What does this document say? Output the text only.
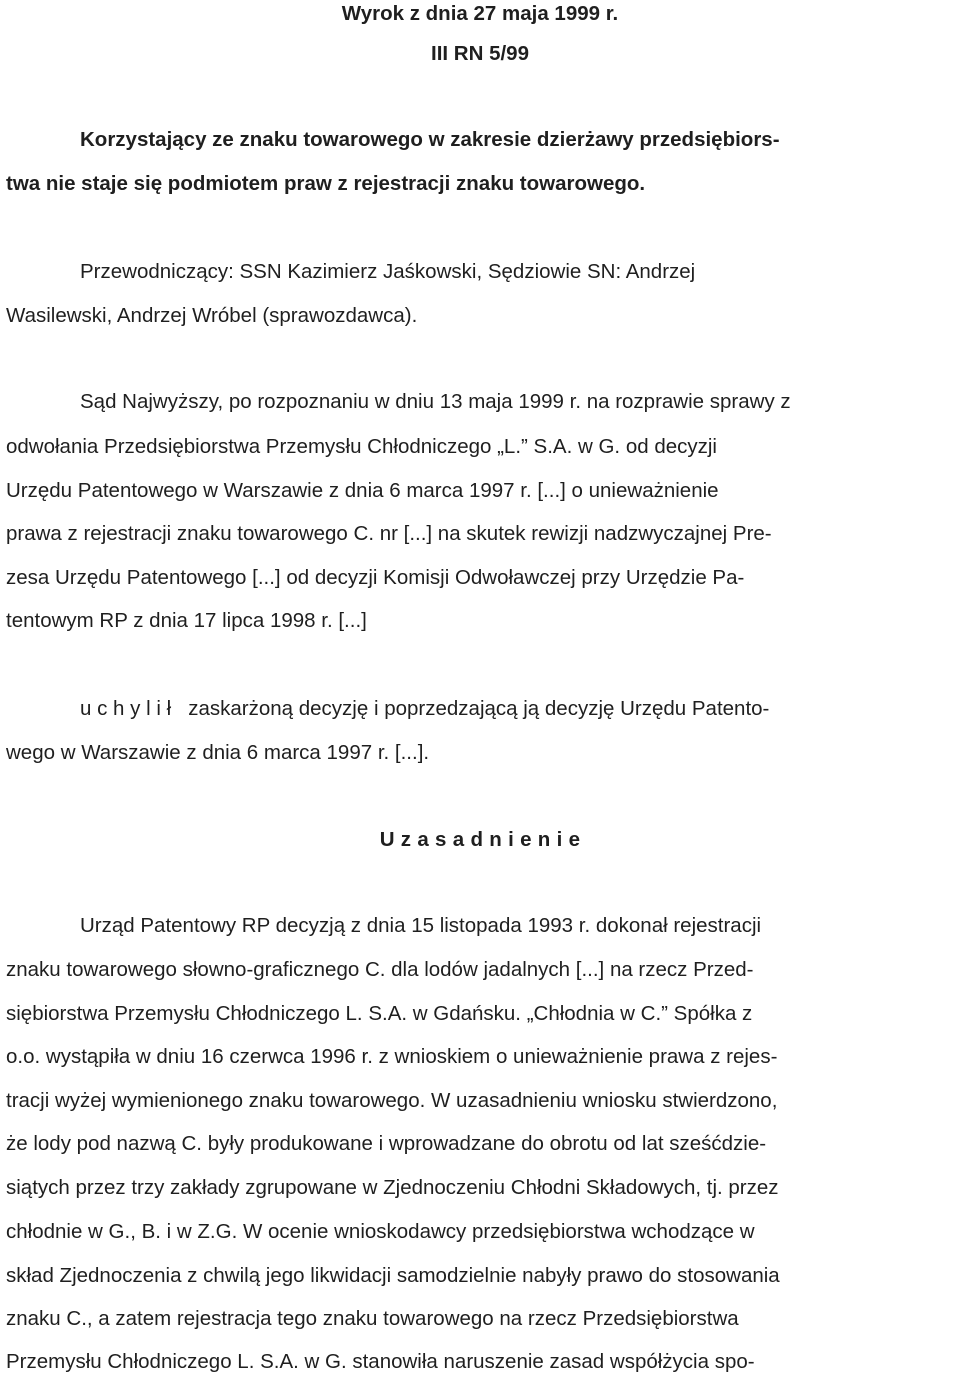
Wyrok z dnia 27 maja 1999 r.
III RN 5/99
Korzystający ze znaku towarowego w zakresie dzierżawy przedsiębiors-
twa nie staje się podmiotem praw z rejestracji znaku towarowego.
Przewodniczący: SSN Kazimierz Jaśkowski, Sędziowie SN: Andrzej
Wasilewski, Andrzej Wróbel (sprawozdawca).
Sąd Najwyższy, po rozpoznaniu w dniu 13 maja 1999 r. na rozprawie sprawy z
odwołania Przedsiębiorstwa Przemysłu Chłodniczego „L.” S.A. w G. od decyzji
Urzędu Patentowego w Warszawie z dnia 6 marca 1997 r. [...] o unieważnienie
prawa z rejestracji znaku towarowego C. nr [...] na skutek rewizji nadzwyczajnej Pre-
zesa Urzędu Patentowego [...] od decyzji Komisji Odwoławczej przy Urzędzie Pa-
tentowym RP z dnia 17 lipca 1998 r. [...]
u c h y l i ł   zaskarżoną decyzję i poprzedzającą ją decyzję Urzędu Patento-
wego w Warszawie z dnia 6 marca 1997 r. [...].
U z a s a d n i e n i e
Urząd Patentowy RP decyzją z dnia 15 listopada 1993 r. dokonał rejestracji
znaku towarowego słowno-graficznego C. dla lodów jadalnych [...] na rzecz Przed-
siębiorstwa Przemysłu Chłodniczego L. S.A. w Gdańsku. „Chłodnia w C.” Spółka z
o.o. wystąpiła w dniu 16 czerwca 1996 r. z wnioskiem o unieważnienie prawa z rejes-
tracji wyżej wymienionego znaku towarowego. W uzasadnieniu wniosku stwierdzono,
że lody pod nazwą C. były produkowane i wprowadzane do obrotu od lat sześćdzie-
siątych przez trzy zakłady zgrupowane w Zjednoczeniu Chłodni Składowych, tj. przez
chłodnie w G., B. i w Z.G. W ocenie wnioskodawcy przedsiębiorstwa wchodzące w
skład Zjednoczenia z chwilą jego likwidacji samodzielnie nabyły prawo do stosowania
znaku C., a zatem rejestracja tego znaku towarowego na rzecz Przedsiębiorstwa
Przemysłu Chłodniczego L. S.A. w G. stanowiła naruszenie zasad współżycia spo-
